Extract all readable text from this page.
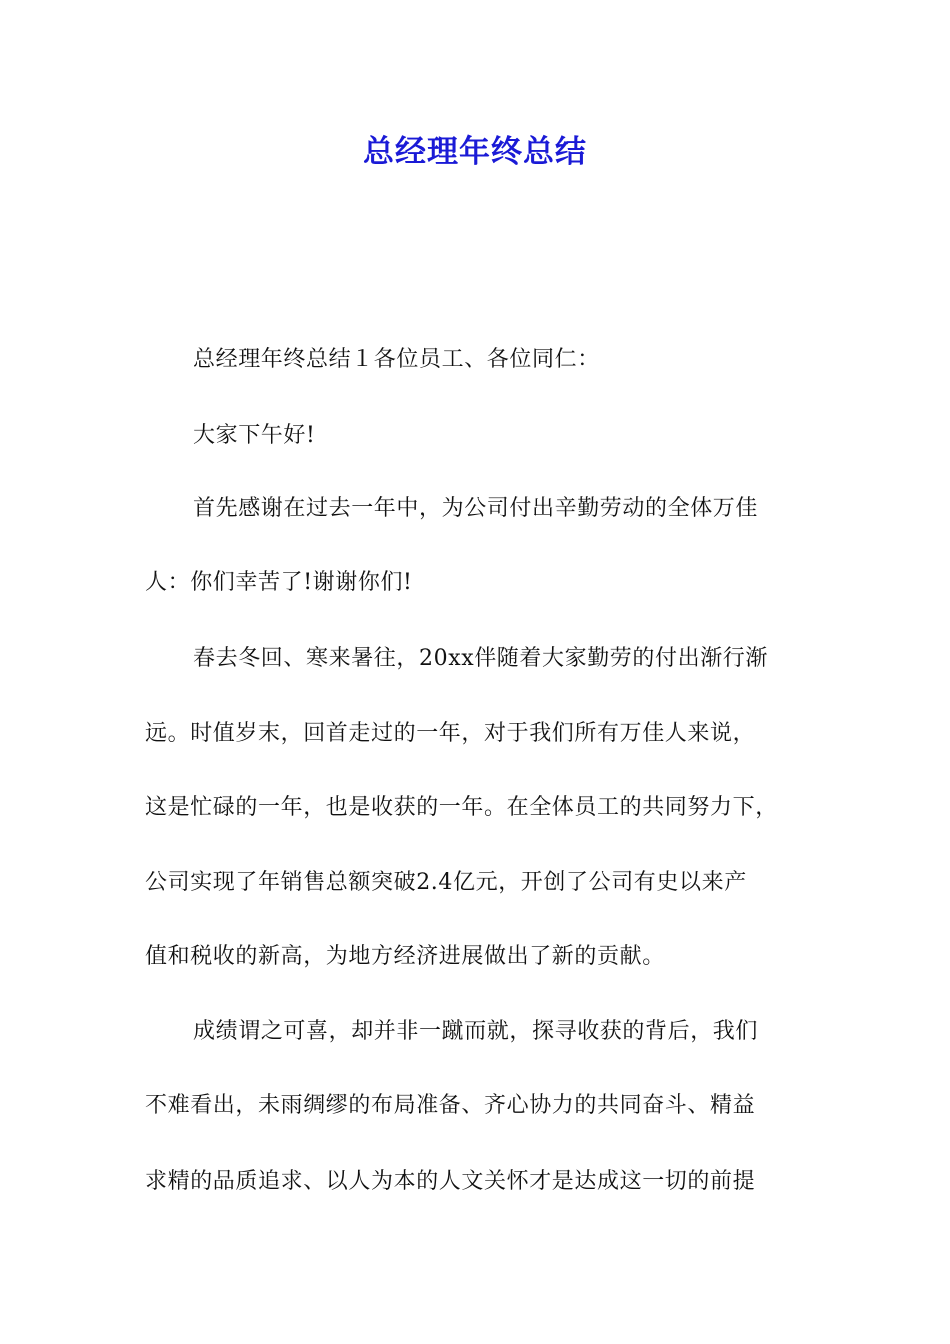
总经理年终总结
总经理年终总结１各位员工、各位同仁：
大家下午好!
首先感谢在过去一年中，为公司付出辛勤劳动的全体万佳
人：你们幸苦了!谢谢你们!
春去冬回、寒来暑往，20xx伴随着大家勤劳的付出渐行渐
远。时值岁末，回首走过的一年，对于我们所有万佳人来说，
这是忙碌的一年，也是收获的一年。在全体员工的共同努力下，
公司实现了年销售总额突破2.4亿元，开创了公司有史以来产
值和税收的新高，为地方经济进展做出了新的贡献。
成绩谓之可喜，却并非一蹴而就，探寻收获的背后，我们
不难看出，未雨绸缪的布局准备、齐心协力的共同奋斗、精益
求精的品质追求、以人为本的人文关怀才是达成这一切的前提
